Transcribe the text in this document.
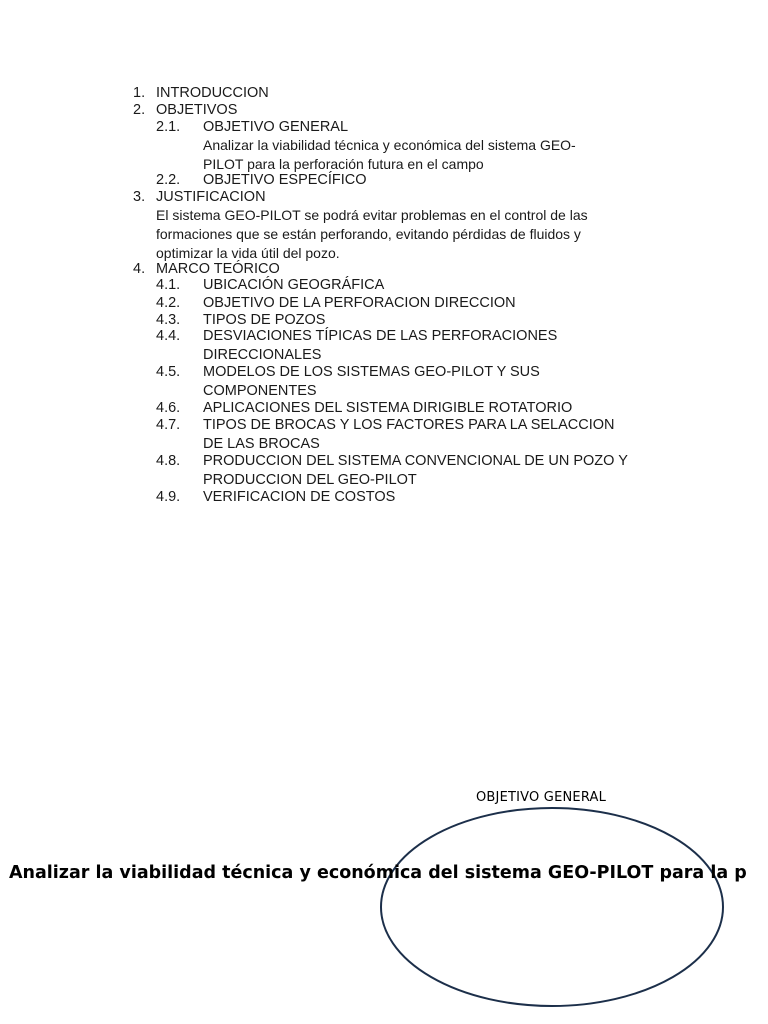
1. INTRODUCCION
2. OBJETIVOS
2.1. OBJETIVO GENERAL
Analizar la viabilidad técnica y económica del sistema GEO-
PILOT para la perforación futura en el campo
2.2. OBJETIVO ESPECÍFICO
3. JUSTIFICACION
El sistema GEO-PILOT se podrá evitar problemas en el control de las
formaciones que se están perforando, evitando pérdidas de fluidos y
optimizar la vida útil del pozo.
4. MARCO TEÓRICO
4.1. UBICACIÓN GEOGRÁFICA
4.2. OBJETIVO DE LA PERFORACION DIRECCION
4.3. TIPOS DE POZOS
4.4. DESVIACIONES TÍPICAS DE LAS PERFORACIONES
DIRECCIONALES
4.5. MODELOS DE LOS SISTEMAS GEO-PILOT Y SUS
COMPONENTES
4.6. APLICACIONES DEL SISTEMA DIRIGIBLE ROTATORIO
4.7. TIPOS DE BROCAS Y LOS FACTORES PARA LA SELACCION
DE LAS BROCAS
4.8. PRODUCCION DEL SISTEMA CONVENCIONAL DE UN POZO Y
PRODUCCION DEL GEO-PILOT
4.9. VERIFICACION DE COSTOS
OBJETIVO GENERAL
Analizar la viabilidad técnica y económica del sistema GEO-PILOT para la p
